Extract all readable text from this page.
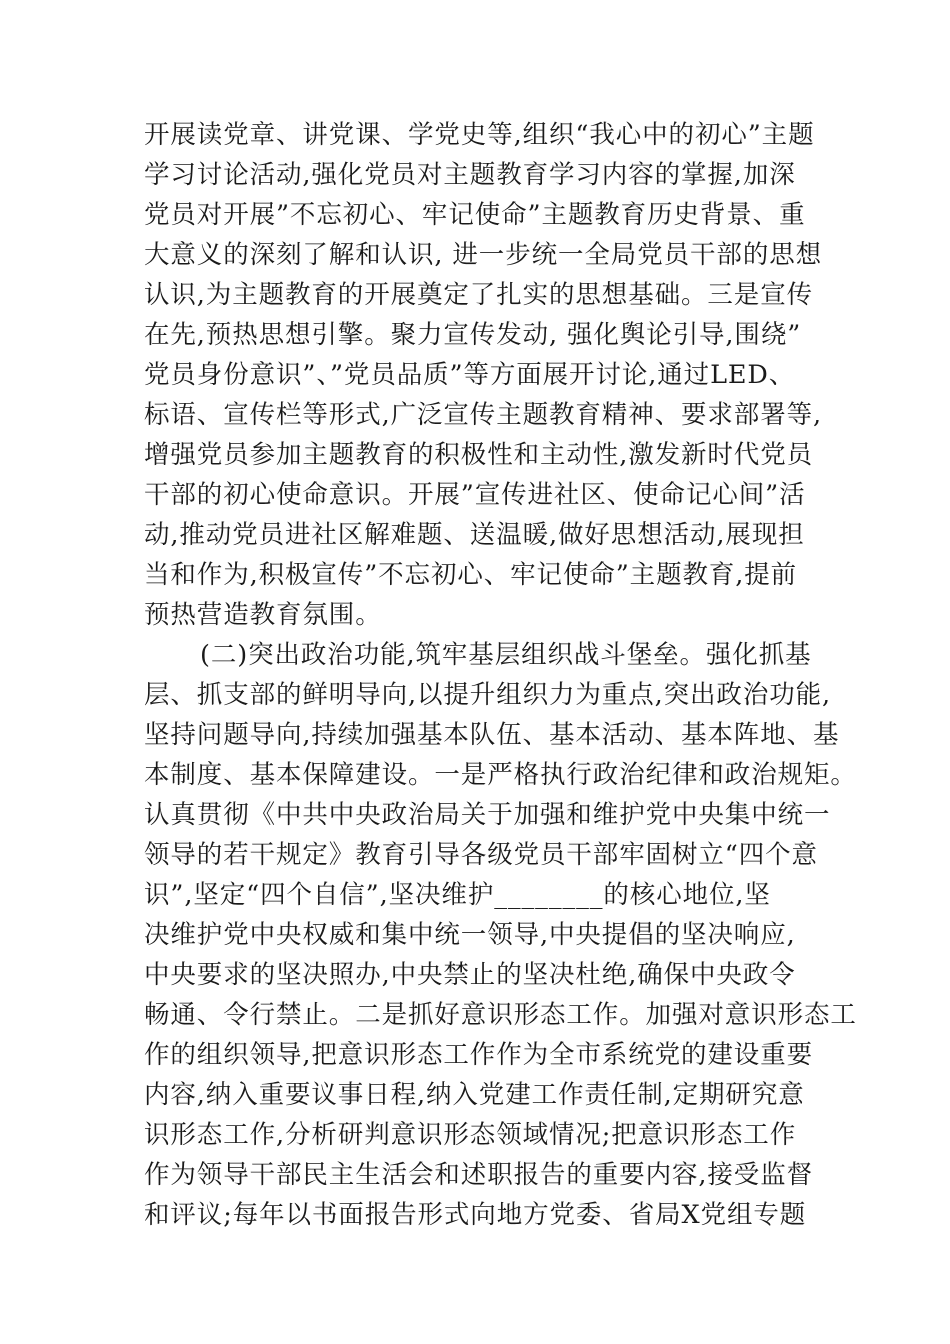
开展读党章、讲党课、学党史等,组织“我心中的初心”主题
学习讨论活动,强化党员对主题教育学习内容的掌握,加深
党员对开展”不忘初心、牢记使命”主题教育历史背景、重
大意义的深刻了解和认识, 进一步统一全局党员干部的思想
认识,为主题教育的开展奠定了扎实的思想基础。三是宣传
在先,预热思想引擎。聚力宣传发动, 强化舆论引导,围绕”
党员身份意识”、”党员品质”等方面展开讨论,通过LED、
标语、宣传栏等形式,广泛宣传主题教育精神、要求部署等,
增强党员参加主题教育的积极性和主动性,激发新时代党员
干部的初心使命意识。开展”宣传进社区、使命记心间”活
动,推动党员进社区解难题、送温暖,做好思想活动,展现担
当和作为,积极宣传”不忘初心、牢记使命”主题教育,提前
预热营造教育氛围。
(二)突出政治功能,筑牢基层组织战斗堡垒。强化抓基
层、抓支部的鲜明导向,以提升组织力为重点,突出政治功能,
坚持问题导向,持续加强基本队伍、基本活动、基本阵地、基
本制度、基本保障建设。一是严格执行政治纪律和政治规矩。
认真贯彻《中共中央政治局关于加强和维护党中央集中统一
领导的若干规定》教育引导各级党员干部牢固树立“四个意
识”,坚定“四个自信”,坚决维护________的核心地位,坚
决维护党中央权威和集中统一领导,中央提倡的坚决响应,
中央要求的坚决照办,中央禁止的坚决杜绝,确保中央政令
畅通、令行禁止。二是抓好意识形态工作。加强对意识形态工
作的组织领导,把意识形态工作作为全市系统党的建设重要
内容,纳入重要议事日程,纳入党建工作责任制,定期研究意
识形态工作,分析研判意识形态领域情况;把意识形态工作
作为领导干部民主生活会和述职报告的重要内容,接受监督
和评议;每年以书面报告形式向地方党委、省局X党组专题
